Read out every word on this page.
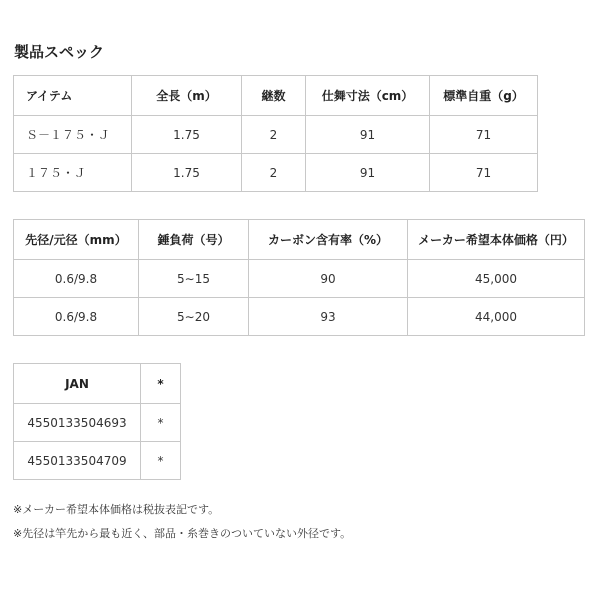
製品スペック
アイテム	全長（m）	継数	仕舞寸法（cm）	標準自重（g）
Ｓ－１７５・Ｊ	1.75	2	91	71
１７５・Ｊ	1.75	2	91	71
先径/元径（mm）	錘負荷（号）	カーボン含有率（%）	メーカー希望本体価格（円）
0.6/9.8	5∼15	90	45,000
0.6/9.8	5∼20	93	44,000
JAN	*
4550133504693	*
4550133504709	*
※メーカー希望本体価格は税抜表記です。
※先径は竿先から最も近く、部品・糸巻きのついていない外径です。
